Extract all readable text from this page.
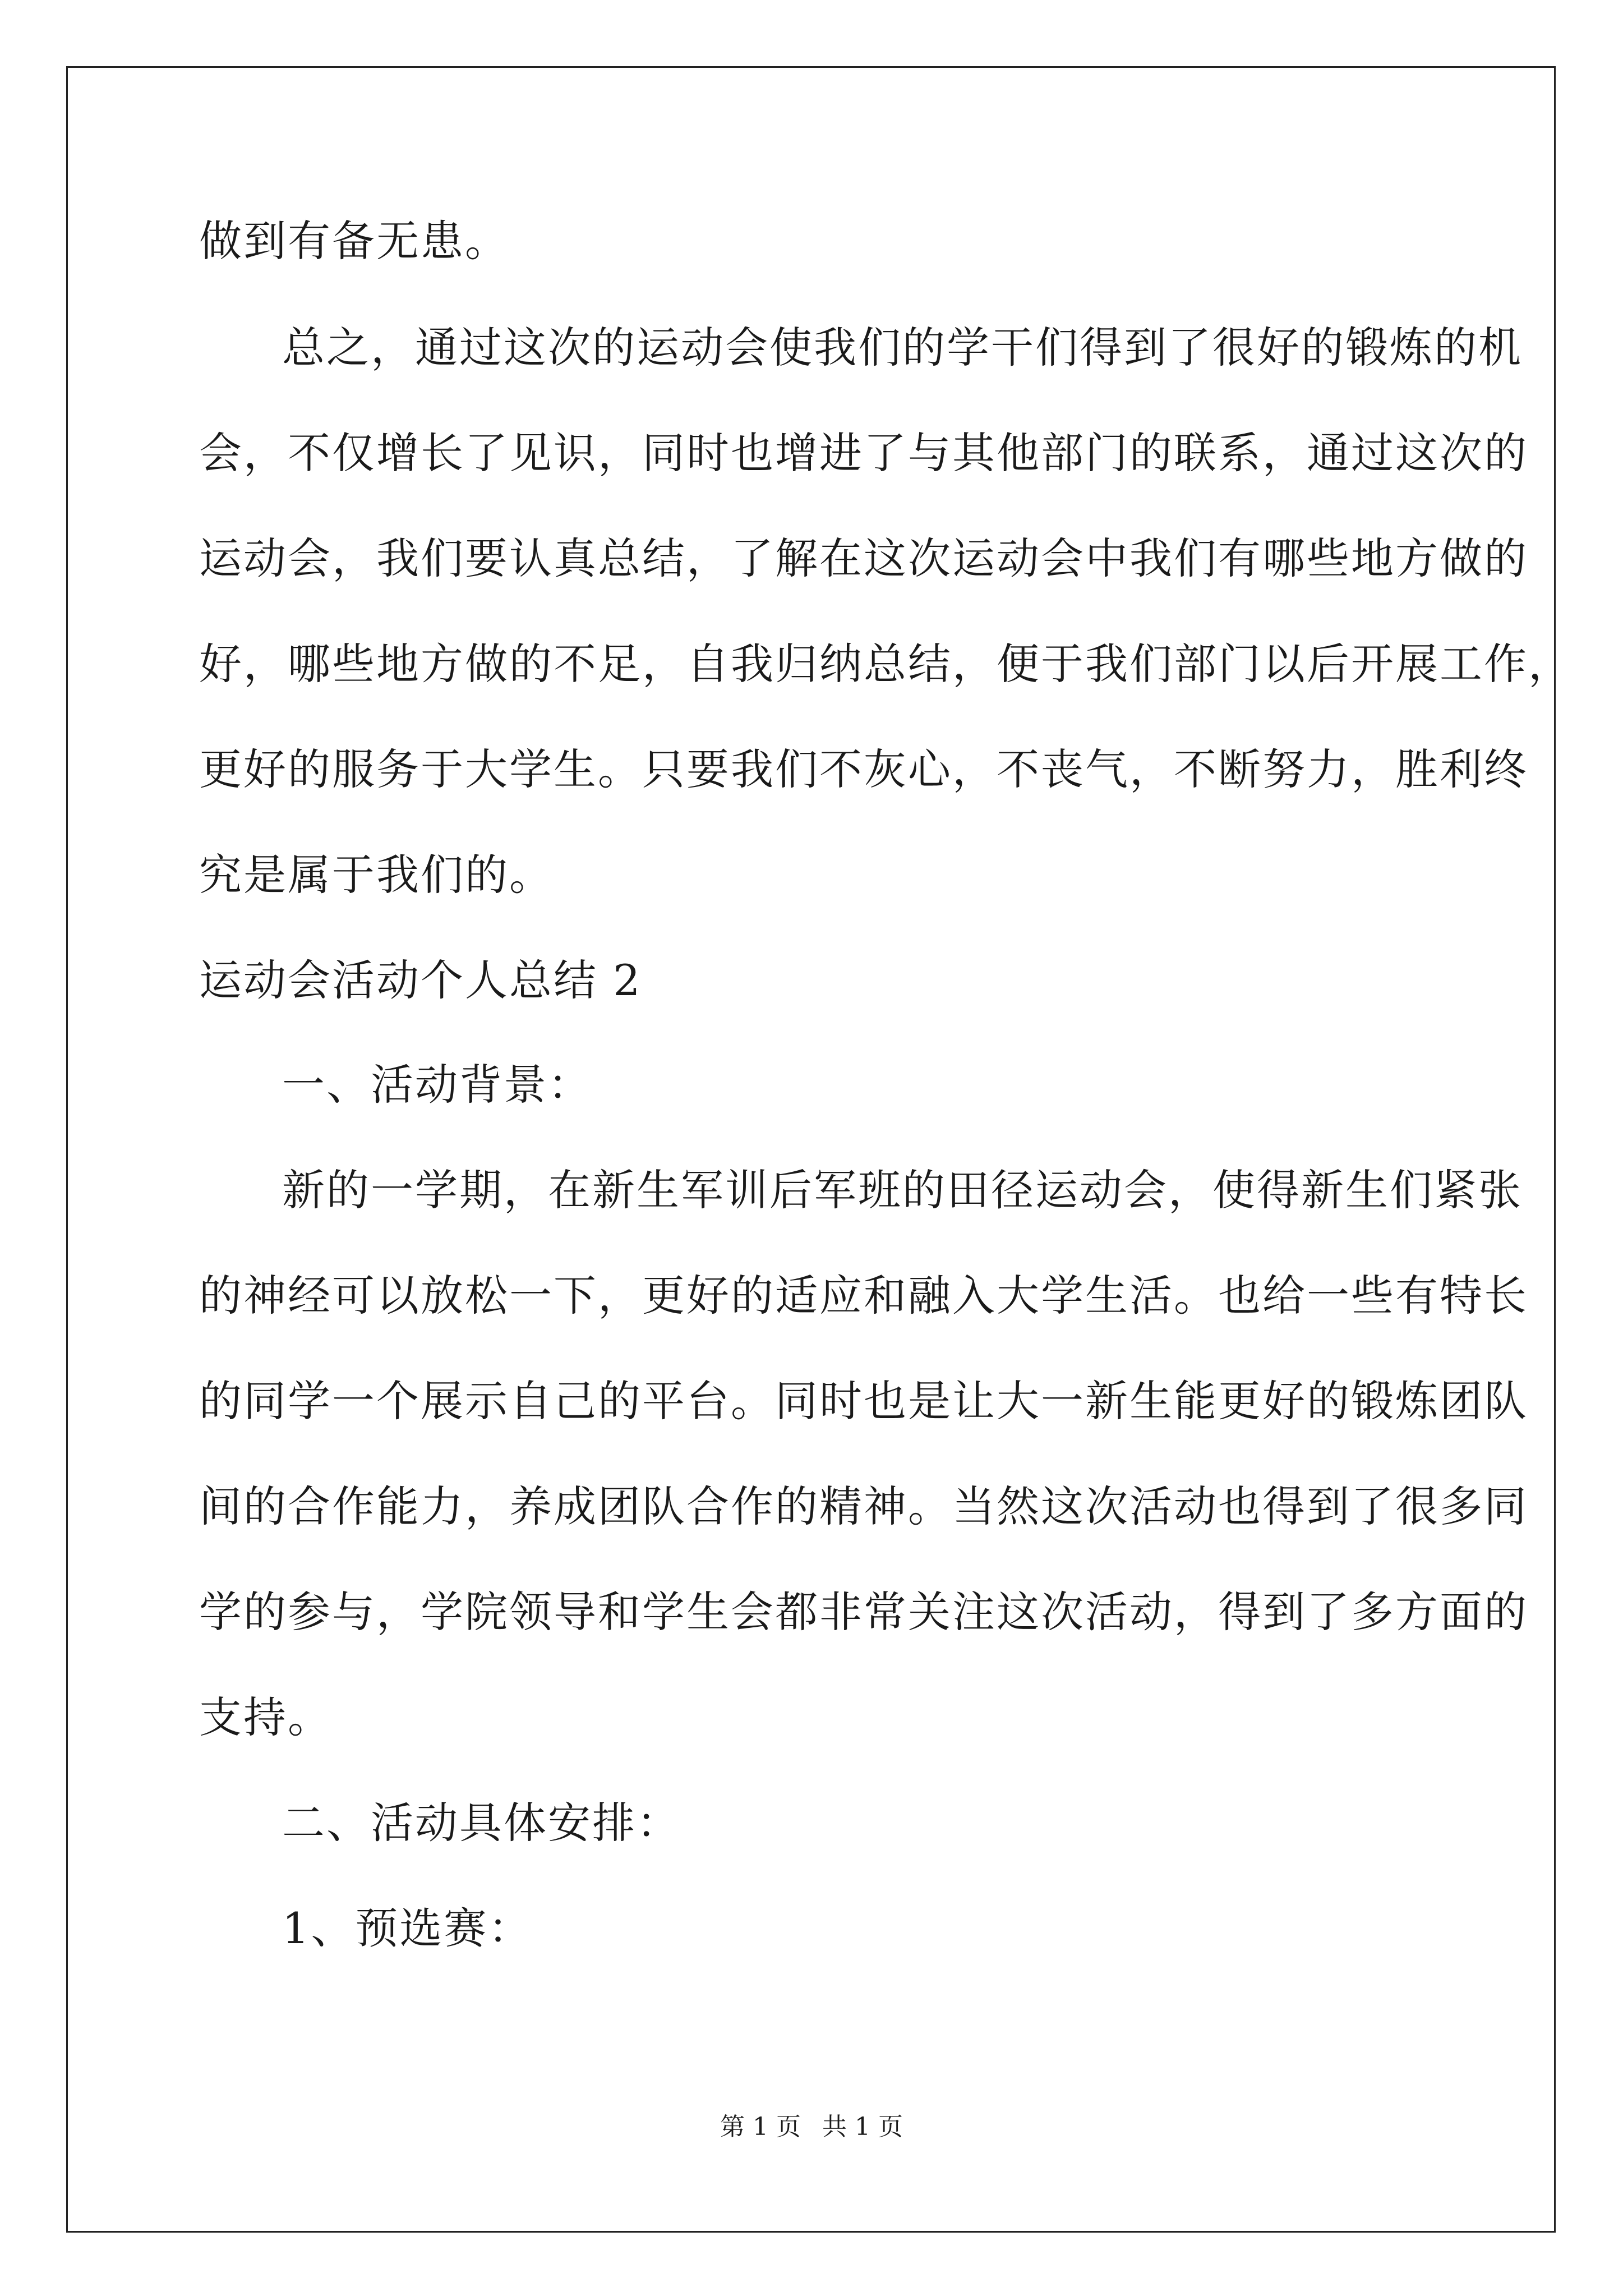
做到有备无患。
总之，通过这次的运动会使我们的学干们得到了很好的锻炼的机
会，不仅增长了见识，同时也增进了与其他部门的联系，通过这次的
运动会，我们要认真总结，了解在这次运动会中我们有哪些地方做的
好，哪些地方做的不足，自我归纳总结，便于我们部门以后开展工作，
更好的服务于大学生。只要我们不灰心，不丧气，不断努力，胜利终
究是属于我们的。
运动会活动个人总结 2
一、活动背景：
新的一学期，在新生军训后军班的田径运动会，使得新生们紧张
的神经可以放松一下，更好的适应和融入大学生活。也给一些有特长
的同学一个展示自己的平台。同时也是让大一新生能更好的锻炼团队
间的合作能力，养成团队合作的精神。当然这次活动也得到了很多同
学的参与，学院领导和学生会都非常关注这次活动，得到了多方面的
支持。
二、活动具体安排：
1、预选赛：
第 1 页 共 1 页
